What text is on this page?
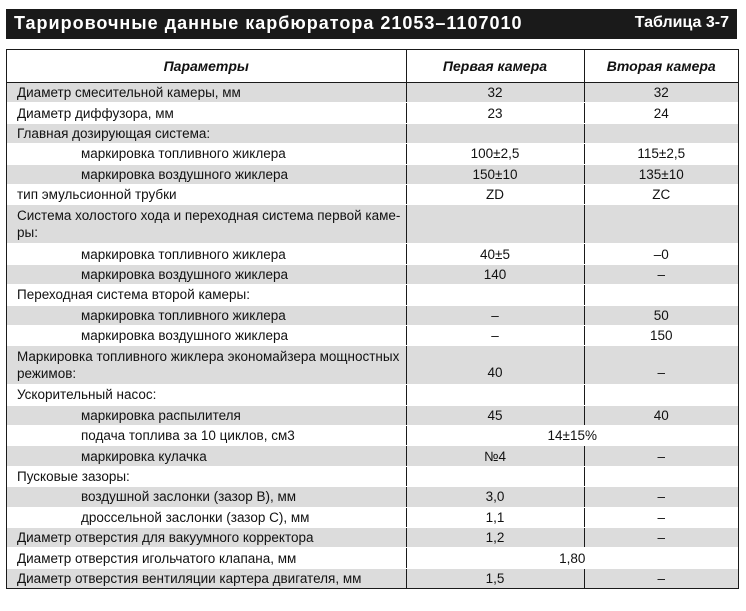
Тарировочные данные карбюратора 21053–1107010	Таблица 3-7
Параметры	Первая камера	Вторая камера
Диаметр смесительной камеры, мм	32	32
Диаметр диффузора, мм	23	24
Главная дозирующая система:		
маркировка топливного жиклера	100±2,5	115±2,5
маркировка воздушного жиклера	150±10	135±10
тип эмульсионной трубки	ZD	ZC
Система холостого хода и переходная система первой каме-ры:		
маркировка топливного жиклера	40±5	–0
маркировка воздушного жиклера	140	–
Переходная система второй камеры:		
маркировка топливного жиклера	–	50
маркировка воздушного жиклера	–	150
Маркировка топливного жиклера экономайзера мощностных режимов:	40	–
Ускорительный насос:		
маркировка распылителя	45	40
подача топлива за 10 циклов, см3	14±15%	
маркировка кулачка	№4	–
Пусковые зазоры:		
воздушной заслонки (зазор В), мм	3,0	–
дроссельной заслонки (зазор С), мм	1,1	–
Диаметр отверстия для вакуумного корректора	1,2	–
Диаметр отверстия игольчатого клапана, мм	1,80	
Диаметр отверстия вентиляции картера двигателя, мм	1,5	–
